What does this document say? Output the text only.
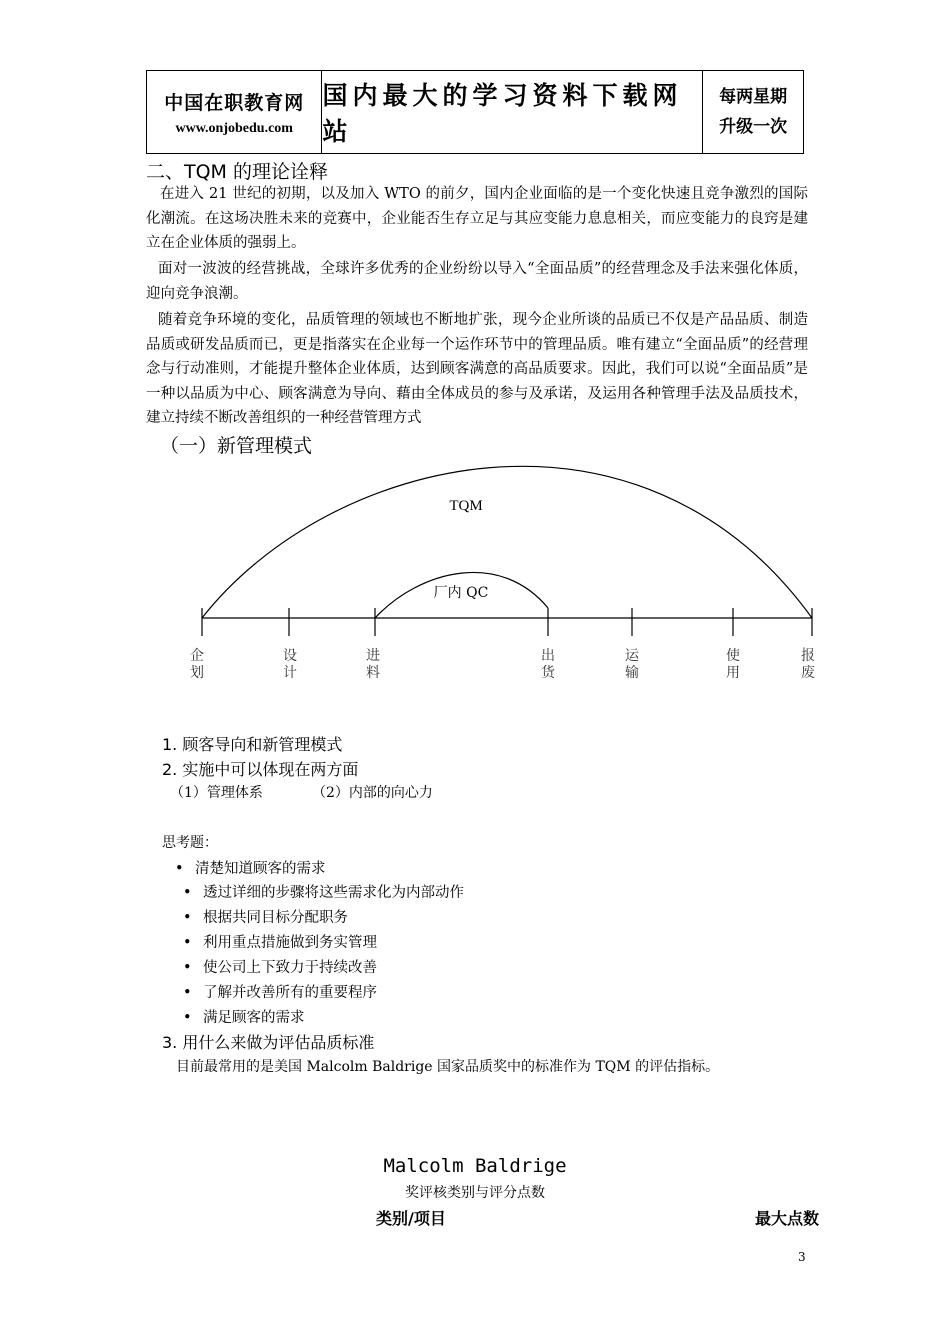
中国在职教育网
www.onjobedu.com
国内最大的学习资料下载网站
每两星期
升级一次
二、TQM 的理论诠释
在进入 21 世纪的初期，以及加入 WTO 的前夕，国内企业面临的是一个变化快速且竞争激烈的国际化潮流。在这场决胜未来的竞赛中，企业能否生存立足与其应变能力息息相关，而应变能力的良窍是建立在企业体质的强弱上。
面对一波波的经营挑战，全球许多优秀的企业纷纷以导入“全面品质”的经营理念及手法来强化体质，迎向竞争浪潮。
随着竞争环境的变化，品质管理的领域也不断地扩张，现今企业所谈的品质已不仅是产品品质、制造品质或研发品质而已，更是指落实在企业每一个运作环节中的管理品质。唯有建立“全面品质”的经营理念与行动准则，才能提升整体企业体质，达到顾客满意的高品质要求。因此，我们可以说“全面品质”是一种以品质为中心、顾客满意为导向、藉由全体成员的参与及承诺，及运用各种管理手法及品质技术，建立持续不断改善组织的一种经营管理方式
（一）新管理模式
TQM
厂内 QC
企
划
设
计
进
料
出
货
运
输
使
用
报
废
1. 顾客导向和新管理模式
2. 实施中可以体现在两方面
（1）管理体系	（2）内部的向心力
思考题：
• 清楚知道顾客的需求
• 透过详细的步骤将这些需求化为内部动作
• 根据共同目标分配职务
• 利用重点措施做到务实管理
• 使公司上下致力于持续改善
• 了解并改善所有的重要程序
• 满足顾客的需求
3. 用什么来做为评估品质标准
目前最常用的是美国 Malcolm Baldrige 国家品质奖中的标准作为 TQM 的评估指标。
Malcolm Baldrige
奖评核类别与评分点数
类别/项目	最大点数
3
